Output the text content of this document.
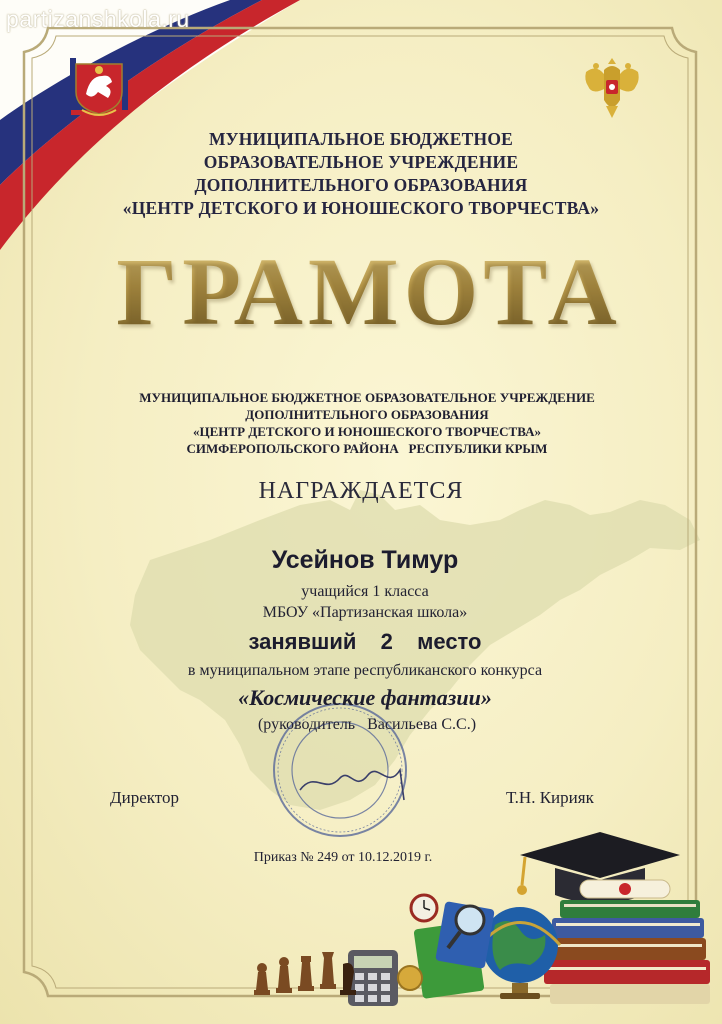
partizanshkola.ru
МУНИЦИПАЛЬНОЕ БЮДЖЕТНОЕ
ОБРАЗОВАТЕЛЬНОЕ УЧРЕЖДЕНИЕ
ДОПОЛНИТЕЛЬНОГО ОБРАЗОВАНИЯ
«ЦЕНТР ДЕТСКОГО И ЮНОШЕСКОГО ТВОРЧЕСТВА»
ГРАМОТА
МУНИЦИПАЛЬНОЕ БЮДЖЕТНОЕ ОБРАЗОВАТЕЛЬНОЕ УЧРЕЖДЕНИЕ
ДОПОЛНИТЕЛЬНОГО ОБРАЗОВАНИЯ
«ЦЕНТР ДЕТСКОГО И ЮНОШЕСКОГО ТВОРЧЕСТВА»
СИМФЕРОПОЛЬСКОГО РАЙОНА   РЕСПУБЛИКИ КРЫМ
НАГРАЖДАЕТСЯ
Усейнов Тимур
учащийся 1 класса
МБОУ «Партизанская школа»
занявший  2  место
в муниципальном этапе республиканского конкурса
«Космические фантазии»
(руководитель   Васильева С.С.)
Директор	Т.Н. Кирияк
Приказ № 249 от 10.12.2019 г.
